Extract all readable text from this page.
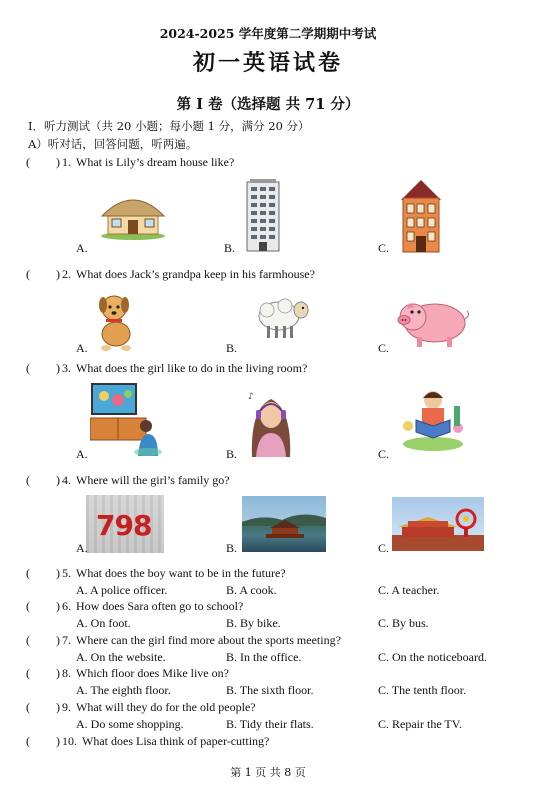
2024-2025 学年度第二学期期中考试
初一英语试卷
第 I 卷（选择题 共 71 分）
I．听力测试（共 20 小题；每小题 1 分，满分 20 分）
A）听对话，回答问题，听两遍。
( ) 1. What is Lily’s dream house like?
A.	B.	C.
( ) 2. What does Jack’s grandpa keep in his farmhouse?
A.	B.	C.
( ) 3. What does the girl like to do in the living room?
♪
A.	B.	C.
( ) 4. Where will the girl’s family go?
798
A.	B.	C.
( ) 5. What does the boy want to be in the future?
A. A police officer.	B. A cook.	C. A teacher.
( ) 6. How does Sara often go to school?
A. On foot.	B. By bike.	C. By bus.
( ) 7. Where can the girl find more about the sports meeting?
A. On the website.	B. In the office.	C. On the noticeboard.
( ) 8. Which floor does Mike live on?
A. The eighth floor.	B. The sixth floor.	C. The tenth floor.
( ) 9. What will they do for the old people?
A. Do some shopping.	B. Tidy their flats.	C. Repair the TV.
( ) 10. What does Lisa think of paper-cutting?
第 1 页 共 8 页
